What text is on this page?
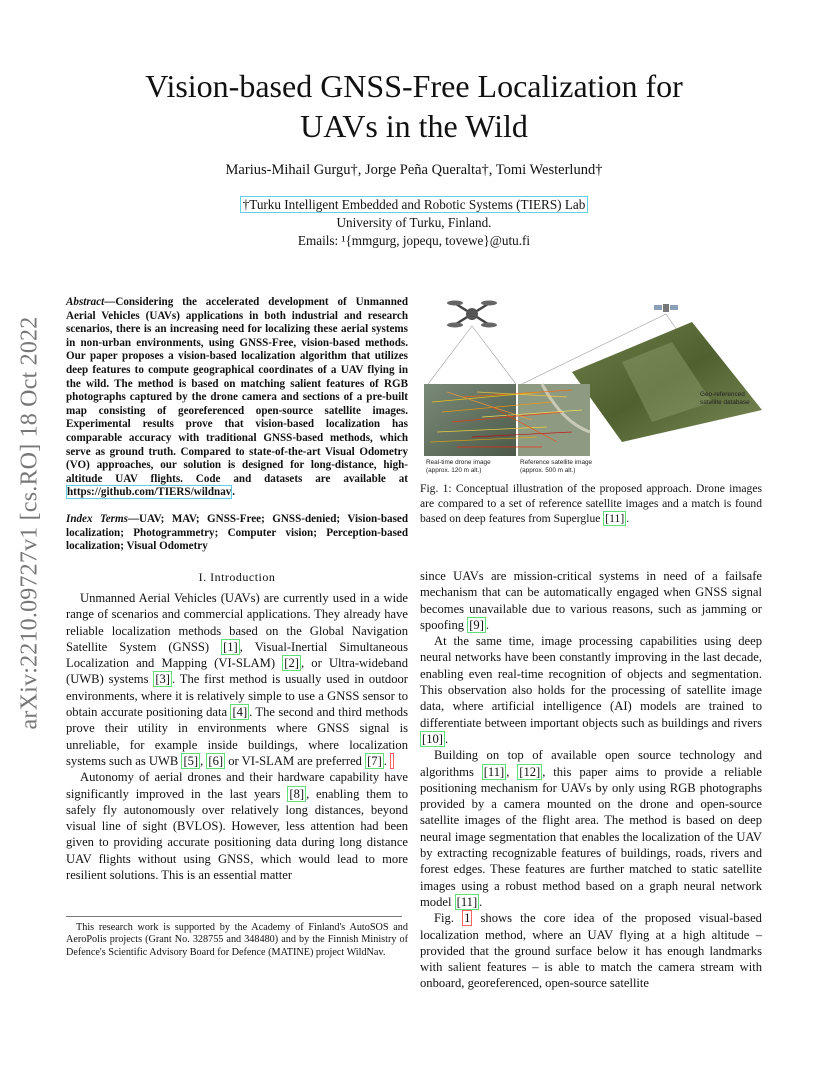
Vision-based GNSS-Free Localization for
UAVs in the Wild
Marius-Mihail Gurgu†, Jorge Peña Queralta†, Tomi Westerlund†
†Turku Intelligent Embedded and Robotic Systems (TIERS) Lab
University of Turku, Finland.
Emails: ¹{mmgurg, jopequ, tovewe}@utu.fi
arXiv:2210.09727v1 [cs.RO] 18 Oct 2022
Abstract—Considering the accelerated development of Unmanned Aerial Vehicles (UAVs) applications in both industrial and research scenarios, there is an increasing need for localizing these aerial systems in non-urban environments, using GNSS-Free, vision-based methods. Our paper proposes a vision-based localization algorithm that utilizes deep features to compute geographical coordinates of a UAV flying in the wild. The method is based on matching salient features of RGB photographs captured by the drone camera and sections of a pre-built map consisting of georeferenced open-source satellite images. Experimental results prove that vision-based localization has comparable accuracy with traditional GNSS-based methods, which serve as ground truth. Compared to state-of-the-art Visual Odometry (VO) approaches, our solution is designed for long-distance, high-altitude UAV flights. Code and datasets are available at https://github.com/TIERS/wildnav.
Index Terms—UAV; MAV; GNSS-Free; GNSS-denied; Vision-based localization; Photogrammetry; Computer vision; Perception-based localization; Visual Odometry
I. Introduction

Unmanned Aerial Vehicles (UAVs) are currently used in a wide range of scenarios and commercial applications. They already have reliable localization methods based on the Global Navigation Satellite System (GNSS) [1] , Visual-Inertial Simultaneous Localization and Mapping (VI-SLAM) [2] , or Ultra-wideband (UWB) systems [3] . The first method is usually used in outdoor environments, where it is relatively simple to use a GNSS sensor to obtain accurate positioning data [4] . The second and third methods prove their utility in environments where GNSS signal is unreliable, for example inside buildings, where localization systems such as UWB [5] , [6] or VI-SLAM are preferred [7] .

Autonomy of aerial drones and their hardware capability have significantly improved in the last years [8] , enabling them to safely fly autonomously over relatively long distances, beyond visual line of sight (BVLOS). However, less attention had been given to providing accurate positioning data during long distance UAV flights without using GNSS, which would lead to more resilient solutions. This is an essential matter

This research work is supported by the Academy of Finland's AutoSOS and AeroPolis projects (Grant No. 328755 and 348480) and by the Finnish Ministry of Defence's Scientific Advisory Board for Defence (MATINE) project WildNav.
Real-time drone image
(approx. 120 m alt.)
Reference satellite image
(approx. 500 m alt.)
Geo-referenced
satellite database
Fig. 1: Conceptual illustration of the proposed approach. Drone images are compared to a set of reference satellite images and a match is found based on deep features from Superglue [11] .

since UAVs are mission-critical systems in need of a failsafe mechanism that can be automatically engaged when GNSS signal becomes unavailable due to various reasons, such as jamming or spoofing [9] .

At the same time, image processing capabilities using deep neural networks have been constantly improving in the last decade, enabling even real-time recognition of objects and segmentation. This observation also holds for the processing of satellite image data, where artificial intelligence (AI) models are trained to differentiate between important objects such as buildings and rivers [10] .

Building on top of available open source technology and algorithms [11] , [12] , this paper aims to provide a reliable positioning mechanism for UAVs by only using RGB photographs provided by a camera mounted on the drone and open-source satellite images of the flight area. The method is based on deep neural image segmentation that enables the localization of the UAV by extracting recognizable features of buildings, roads, rivers and forest edges. These features are further matched to static satellite images using a robust method based on a graph neural network model [11] .

Fig. 1 shows the core idea of the proposed visual-based localization method, where an UAV flying at a high altitude – provided that the ground surface below it has enough landmarks with salient features – is able to match the camera stream with onboard, georeferenced, open-source satellite
